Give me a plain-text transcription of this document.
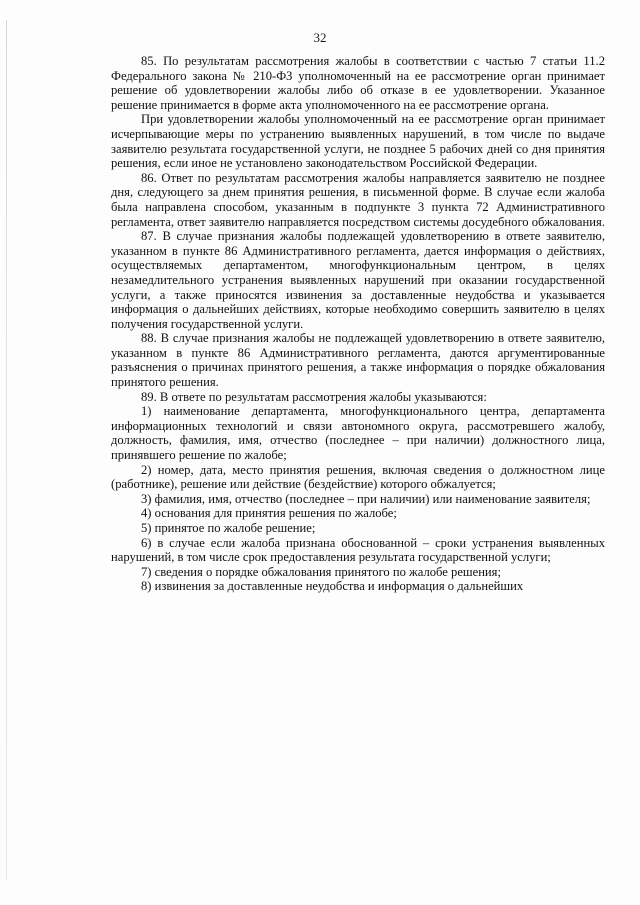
32

85. По результатам рассмотрения жалобы в соответствии с частью 7 статьи 11.2 Федерального закона № 210-ФЗ уполномоченный на ее рассмотрение орган принимает решение об удовлетворении жалобы либо об отказе в ее удовлетворении. Указанное решение принимается в форме акта уполномоченного на ее рассмотрение органа.

При удовлетворении жалобы уполномоченный на ее рассмотрение орган принимает исчерпывающие меры по устранению выявленных нарушений, в том числе по выдаче заявителю результата государственной услуги, не позднее 5 рабочих дней со дня принятия решения, если иное не установлено законодательством Российской Федерации.

86. Ответ по результатам рассмотрения жалобы направляется заявителю не позднее дня, следующего за днем принятия решения, в письменной форме. В случае если жалоба была направлена способом, указанным в подпункте 3 пункта 72 Административного регламента, ответ заявителю направляется посредством системы досудебного обжалования.

87. В случае признания жалобы подлежащей удовлетворению в ответе заявителю, указанном в пункте 86 Административного регламента, дается информация о действиях, осуществляемых департаментом, многофункциональным центром, в целях незамедлительного устранения выявленных нарушений при оказании государственной услуги, а также приносятся извинения за доставленные неудобства и указывается информация о дальнейших действиях, которые необходимо совершить заявителю в целях получения государственной услуги.

88. В случае признания жалобы не подлежащей удовлетворению в ответе заявителю, указанном в пункте 86 Административного регламента, даются аргументированные разъяснения о причинах принятого решения, а также информация о порядке обжалования принятого решения.

89. В ответе по результатам рассмотрения жалобы указываются:

1) наименование департамента, многофункционального центра, департамента информационных технологий и связи автономного округа, рассмотревшего жалобу, должность, фамилия, имя, отчество (последнее – при наличии) должностного лица, принявшего решение по жалобе;

2) номер, дата, место принятия решения, включая сведения о должностном лице (работнике), решение или действие (бездействие) которого обжалуется;

3) фамилия, имя, отчество (последнее – при наличии) или наименование заявителя;

4) основания для принятия решения по жалобе;

5) принятое по жалобе решение;

6) в случае если жалоба признана обоснованной – сроки устранения выявленных нарушений, в том числе срок предоставления результата государственной услуги;

7) сведения о порядке обжалования принятого по жалобе решения;

8) извинения за доставленные неудобства и информация о дальнейших
